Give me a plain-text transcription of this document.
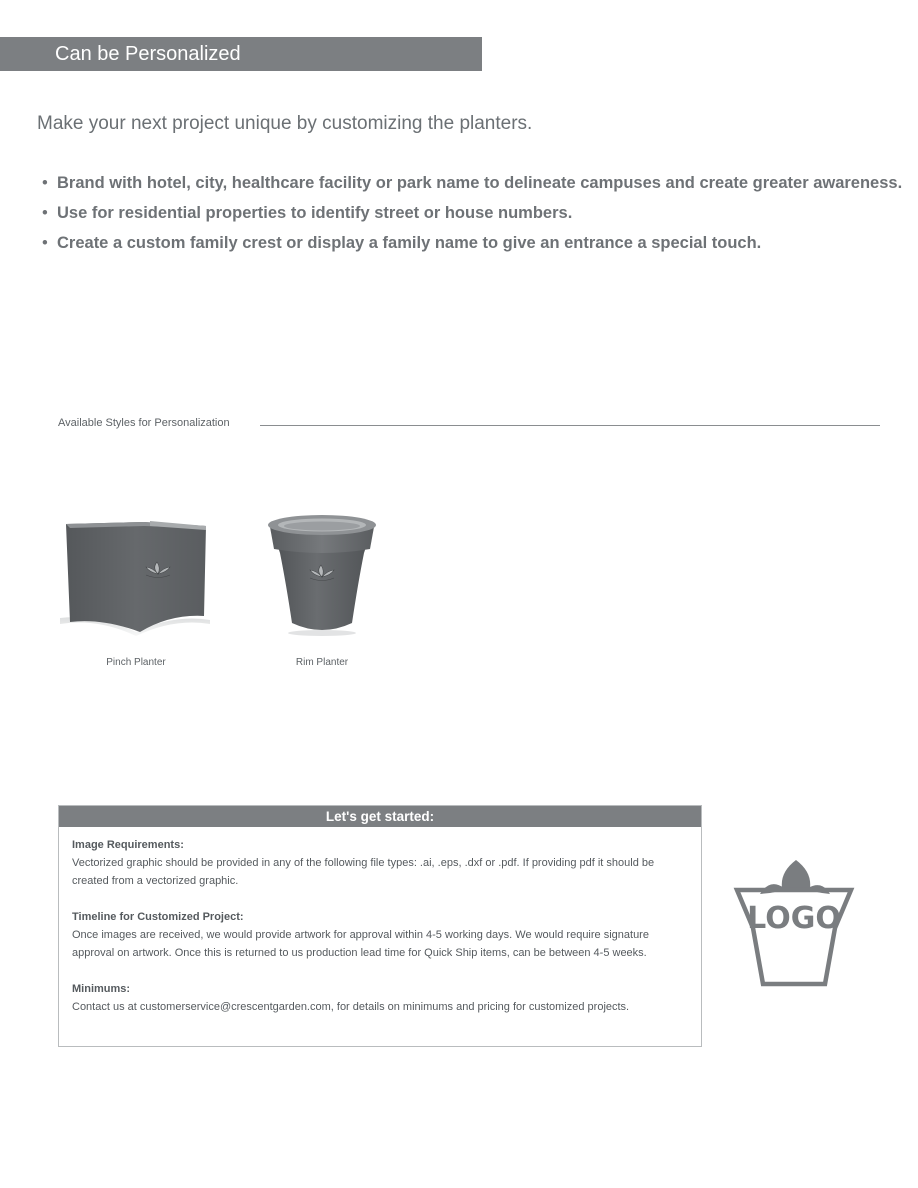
Can be Personalized
Make your next project unique by customizing the planters.
• Brand with hotel, city, healthcare facility or park name to delineate campuses and create greater awareness.
• Use for residential properties to identify street or house numbers.
• Create a custom family crest or display a family name to give an entrance a special touch.
Available Styles for Personalization
Pinch Planter	Rim Planter
Let's get started:
Image Requirements:
Vectorized graphic should be provided in any of the following file types: .ai, .eps, .dxf or .pdf. If providing pdf it should be created from a vectorized graphic.
Timeline for Customized Project:
Once images are received, we would provide artwork for approval within 4-5 working days. We would require signature approval on artwork. Once this is returned to us production lead time for Quick Ship items, can be between 4-5 weeks.
Minimums:
Contact us at customerservice@crescentgarden.com, for details on minimums and pricing for customized projects.
LOGO
